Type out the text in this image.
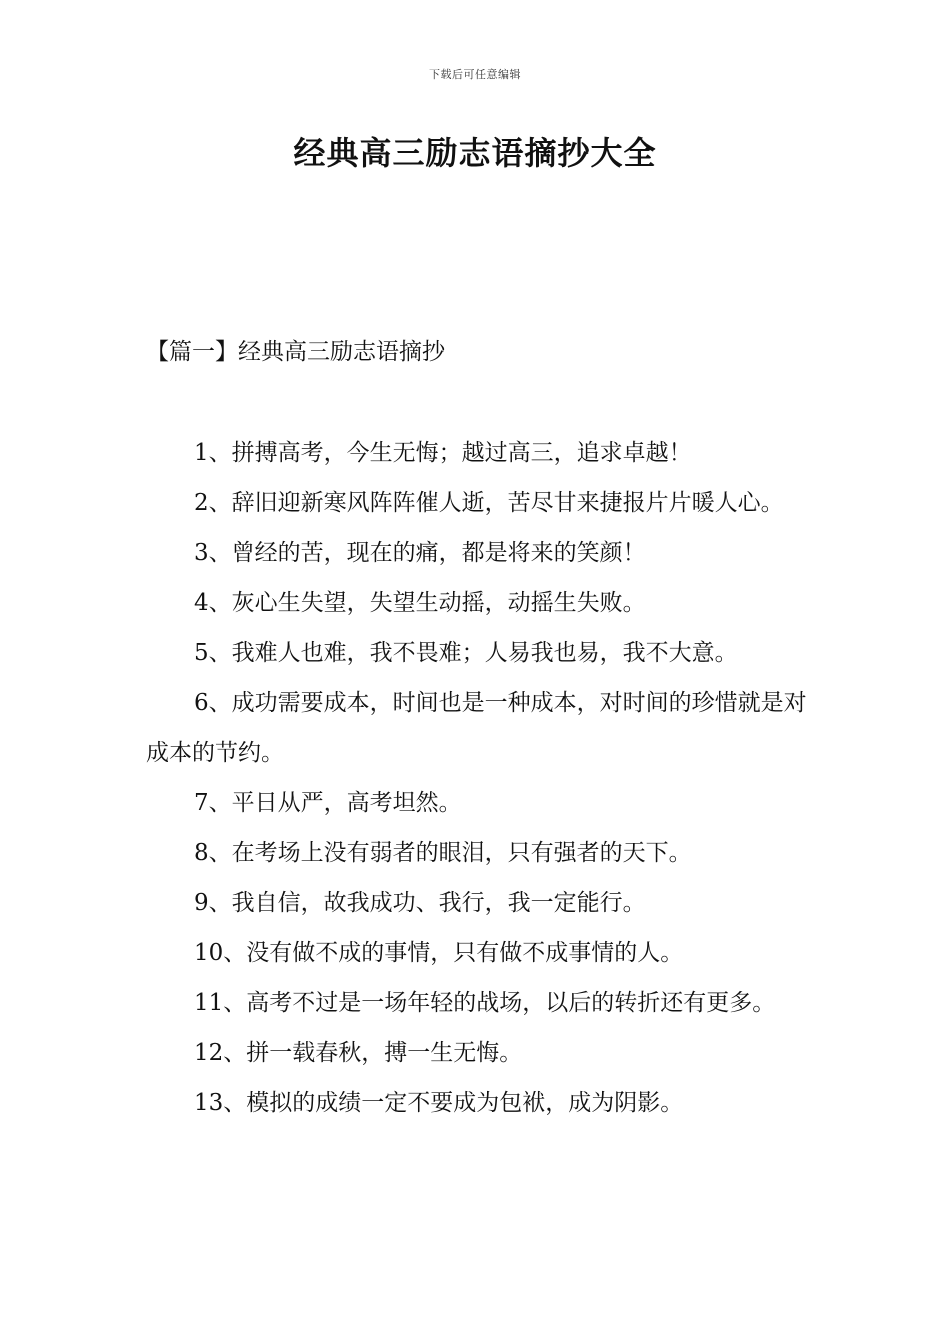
下载后可任意编辑
经典高三励志语摘抄大全
【篇一】经典高三励志语摘抄

1、拼搏高考，今生无悔；越过高三，追求卓越！

2、辞旧迎新寒风阵阵催人逝，苦尽甘来捷报片片暖人心。

3、曾经的苦，现在的痛，都是将来的笑颜！

4、灰心生失望，失望生动摇，动摇生失败。

5、我难人也难，我不畏难；人易我也易，我不大意。

6、成功需要成本，时间也是一种成本，对时间的珍惜就是对成本的节约。

7、平日从严，高考坦然。

8、在考场上没有弱者的眼泪，只有强者的天下。

9、我自信，故我成功、我行，我一定能行。

10、没有做不成的事情，只有做不成事情的人。

11、高考不过是一场年轻的战场，以后的转折还有更多。

12、拼一载春秋，搏一生无悔。

13、模拟的成绩一定不要成为包袱，成为阴影。
